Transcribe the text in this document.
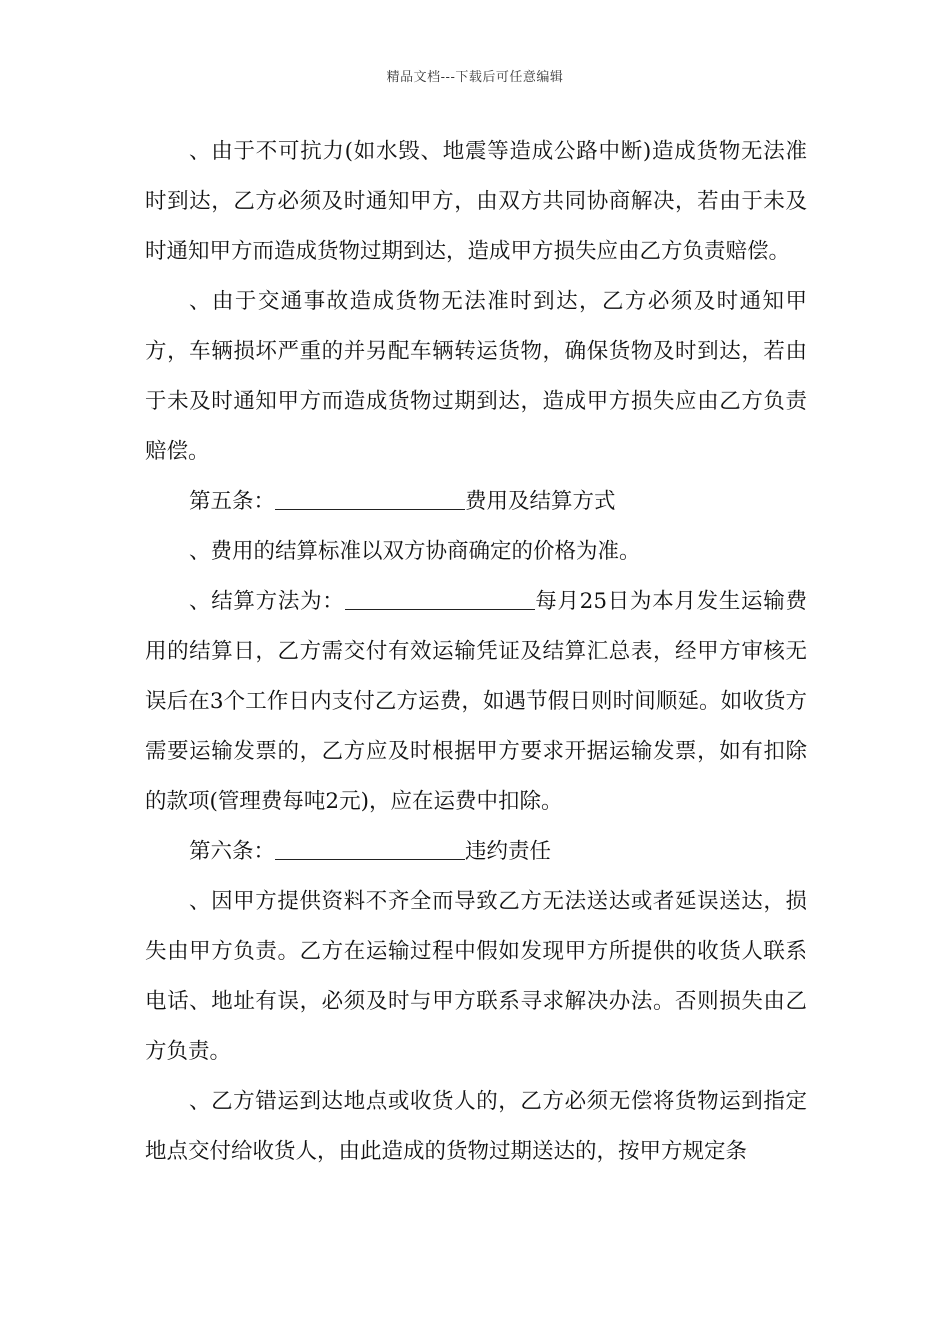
精品文档---下载后可任意编辑

、由于不可抗力(如水毁、地震等造成公路中断)造成货物无法准时到达，乙方必须及时通知甲方，由双方共同协商解决，若由于未及时通知甲方而造成货物过期到达，造成甲方损失应由乙方负责赔偿。

、由于交通事故造成货物无法准时到达，乙方必须及时通知甲方，车辆损坏严重的并另配车辆转运货物，确保货物及时到达，若由于未及时通知甲方而造成货物过期到达，造成甲方损失应由乙方负责赔偿。

第五条：	费用及结算方式

、费用的结算标准以双方协商确定的价格为准。

、结算方法为：	每月25日为本月发生运输费用的结算日，乙方需交付有效运输凭证及结算汇总表，经甲方审核无误后在3个工作日内支付乙方运费，如遇节假日则时间顺延。如收货方需要运输发票的，乙方应及时根据甲方要求开据运输发票，如有扣除的款项(管理费每吨2元)，应在运费中扣除。

第六条：	违约责任

、因甲方提供资料不齐全而导致乙方无法送达或者延误送达，损失由甲方负责。乙方在运输过程中假如发现甲方所提供的收货人联系电话、地址有误，必须及时与甲方联系寻求解决办法。否则损失由乙方负责。

、乙方错运到达地点或收货人的，乙方必须无偿将货物运到指定地点交付给收货人，由此造成的货物过期送达的，按甲方规定条
